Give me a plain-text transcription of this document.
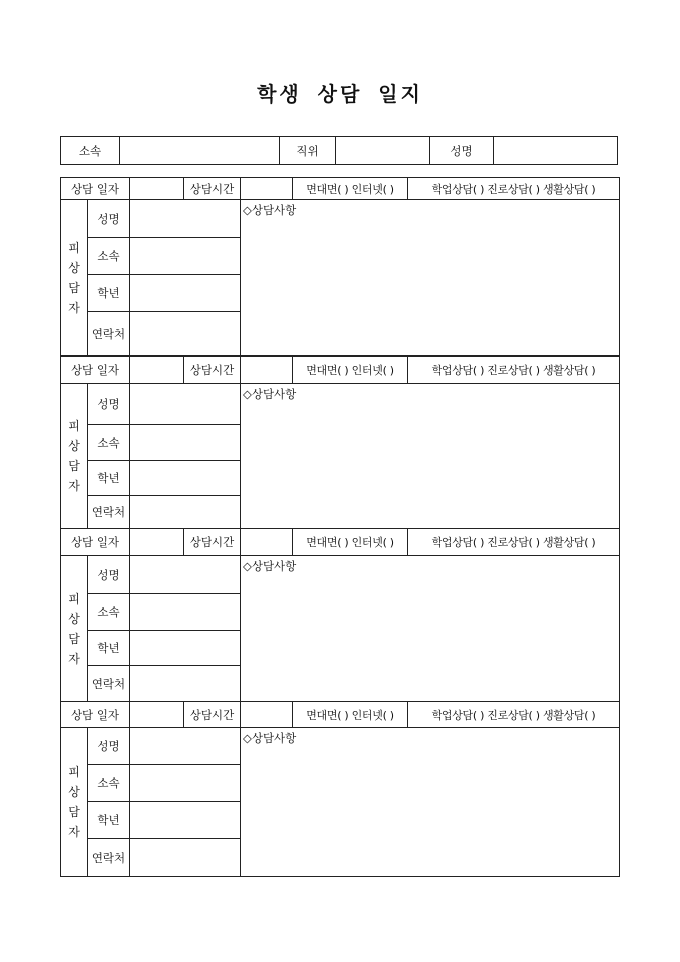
학생 상담 일지
소속		직위		성명	
상담 일자			상담시간		면대면( ) 인터넷( )	학업상담( ) 진로상담( ) 생활상담( )

피
상
담
자	성명			◇상담사항		
	소속					
	학년					
	연락처					
상담 일자			상담시간		면대면( ) 인터넷( )	학업상담( ) 진로상담( ) 생활상담( )

피
상
담
자	성명			◇상담사항		
	소속					
	학년					
	연락처					
상담 일자			상담시간		면대면( ) 인터넷( )	학업상담( ) 진로상담( ) 생활상담( )

피
상
담
자	성명			◇상담사항		
	소속					
	학년					
	연락처					
상담 일자			상담시간		면대면( ) 인터넷( )	학업상담( ) 진로상담( ) 생활상담( )

피
상
담
자	성명			◇상담사항		
	소속					
	학년					
	연락처					
